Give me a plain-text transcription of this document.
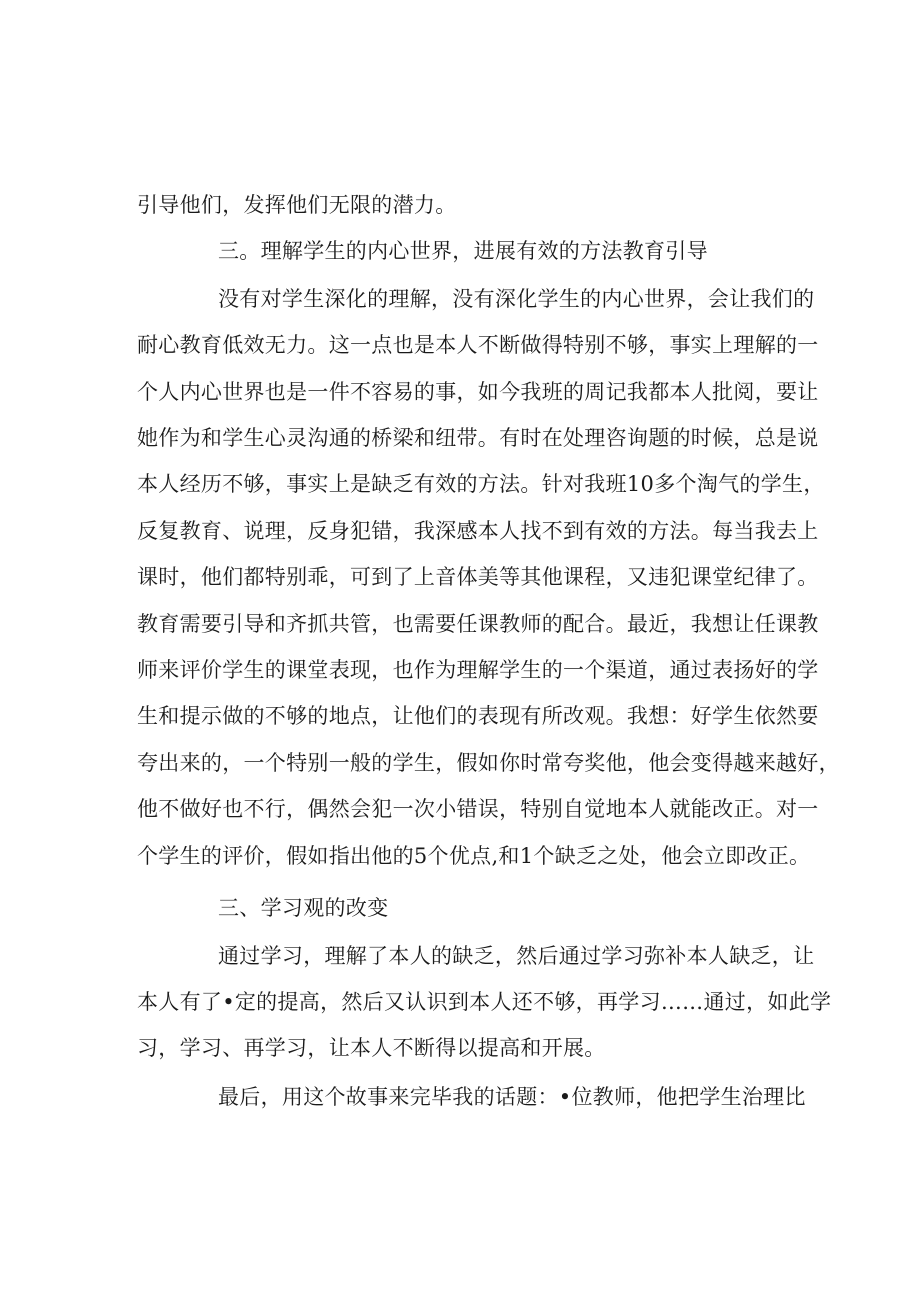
引导他们，发挥他们无限的潜力。
三。理解学生的内心世界，进展有效的方法教育引导
没有对学生深化的理解，没有深化学生的内心世界，会让我们的
耐心教育低效无力。这一点也是本人不断做得特别不够，事实上理解的一
个人内心世界也是一件不容易的事，如今我班的周记我都本人批阅，要让
她作为和学生心灵沟通的桥梁和纽带。有时在处理咨询题的时候，总是说
本人经历不够，事实上是缺乏有效的方法。针对我班10多个淘气的学生，
反复教育、说理，反身犯错，我深感本人找不到有效的方法。每当我去上
课时，他们都特别乖，可到了上音体美等其他课程，又违犯课堂纪律了。
教育需要引导和齐抓共管，也需要任课教师的配合。最近，我想让任课教
师来评价学生的课堂表现，也作为理解学生的一个渠道，通过表扬好的学
生和提示做的不够的地点，让他们的表现有所改观。我想：好学生依然要
夸出来的，一个特别一般的学生，假如你时常夸奖他，他会变得越来越好，
他不做好也不行，偶然会犯一次小错误，特别自觉地本人就能改正。对一
个学生的评价，假如指出他的5个优点,和1个缺乏之处，他会立即改正。
三、学习观的改变
通过学习，理解了本人的缺乏，然后通过学习弥补本人缺乏，让
本人有了•定的提高，然后又认识到本人还不够，再学习……通过，如此学
习，学习、再学习，让本人不断得以提高和开展。
最后，用这个故事来完毕我的话题：•位教师，他把学生治理比
